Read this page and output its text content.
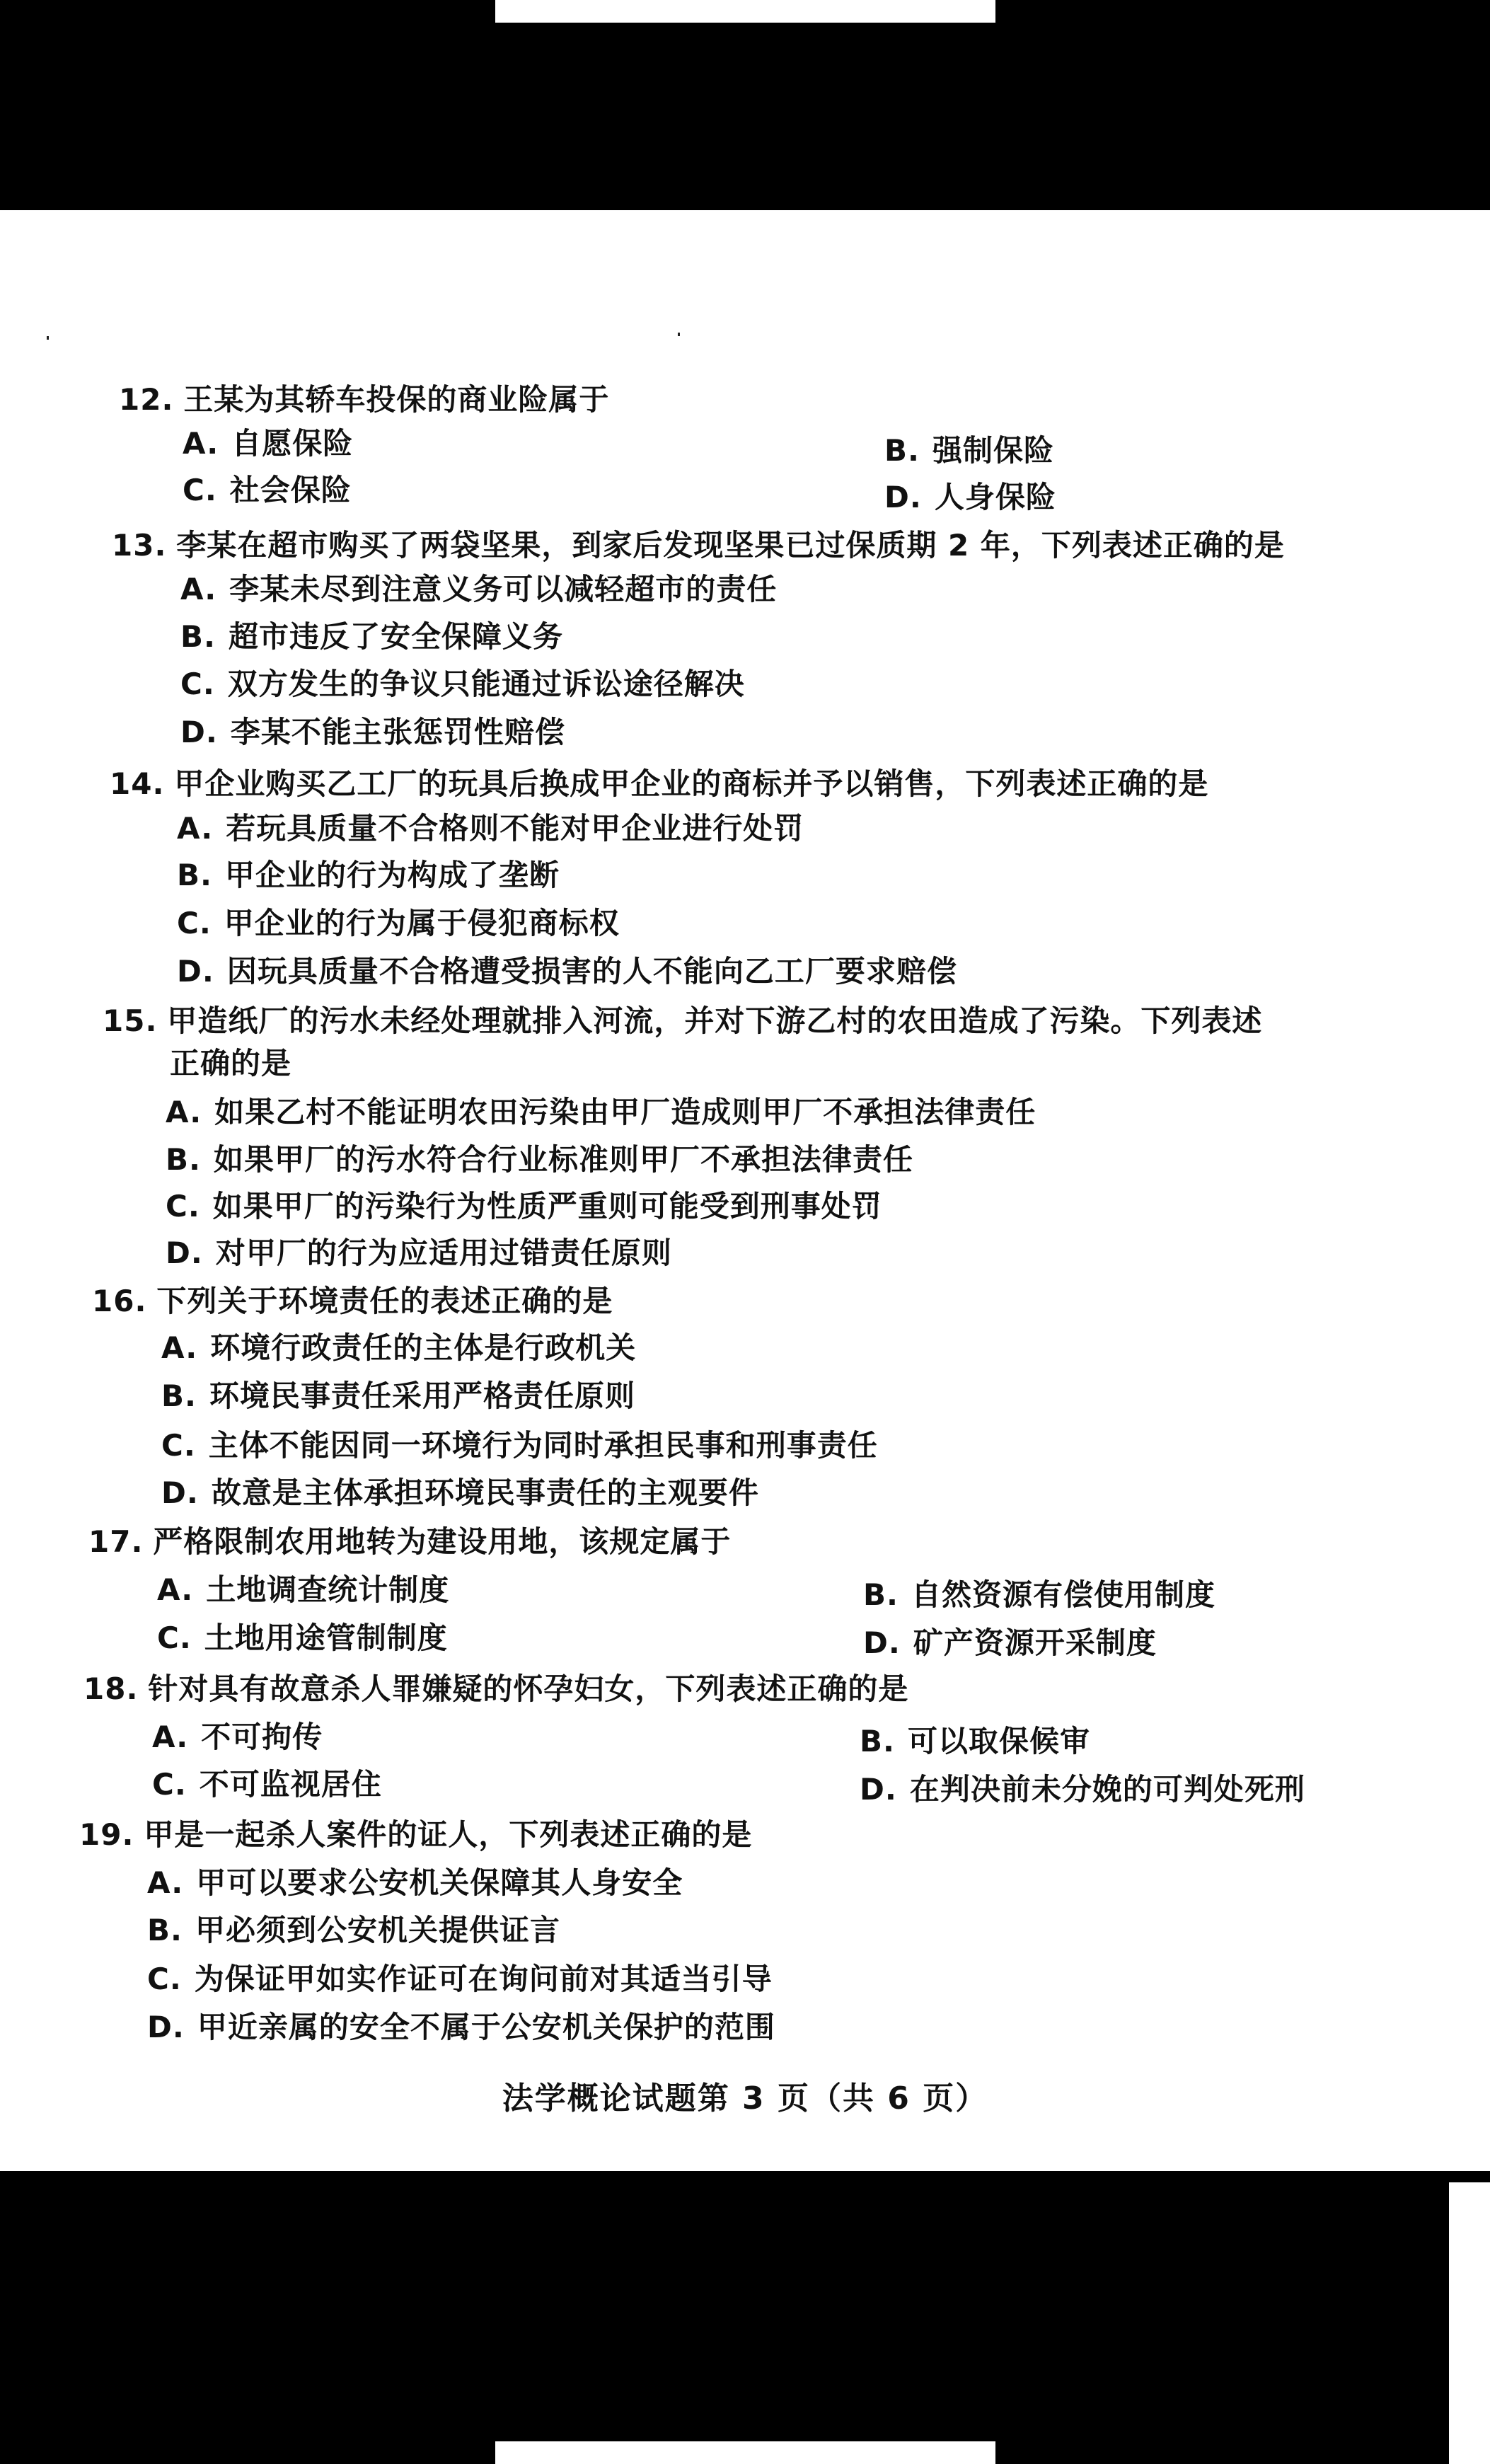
12. 王某为其轿车投保的商业险属于
A. 自愿保险	B. 强制保险
C. 社会保险	D. 人身保险
13. 李某在超市购买了两袋坚果，到家后发现坚果已过保质期 2 年，下列表述正确的是
A. 李某未尽到注意义务可以减轻超市的责任
B. 超市违反了安全保障义务
C. 双方发生的争议只能通过诉讼途径解决
D. 李某不能主张惩罚性赔偿
14. 甲企业购买乙工厂的玩具后换成甲企业的商标并予以销售，下列表述正确的是
A. 若玩具质量不合格则不能对甲企业进行处罚
B. 甲企业的行为构成了垄断
C. 甲企业的行为属于侵犯商标权
D. 因玩具质量不合格遭受损害的人不能向乙工厂要求赔偿
15. 甲造纸厂的污水未经处理就排入河流，并对下游乙村的农田造成了污染。下列表述
正确的是
A. 如果乙村不能证明农田污染由甲厂造成则甲厂不承担法律责任
B. 如果甲厂的污水符合行业标准则甲厂不承担法律责任
C. 如果甲厂的污染行为性质严重则可能受到刑事处罚
D. 对甲厂的行为应适用过错责任原则
16. 下列关于环境责任的表述正确的是
A. 环境行政责任的主体是行政机关
B. 环境民事责任采用严格责任原则
C. 主体不能因同一环境行为同时承担民事和刑事责任
D. 故意是主体承担环境民事责任的主观要件
17. 严格限制农用地转为建设用地，该规定属于
A. 土地调查统计制度	B. 自然资源有偿使用制度
C. 土地用途管制制度	D. 矿产资源开采制度
18. 针对具有故意杀人罪嫌疑的怀孕妇女，下列表述正确的是
A. 不可拘传	B. 可以取保候审
C. 不可监视居住	D. 在判决前未分娩的可判处死刑
19. 甲是一起杀人案件的证人，下列表述正确的是
A. 甲可以要求公安机关保障其人身安全
B. 甲必须到公安机关提供证言
C. 为保证甲如实作证可在询问前对其适当引导
D. 甲近亲属的安全不属于公安机关保护的范围
法学概论试题第 3 页（共 6 页）
